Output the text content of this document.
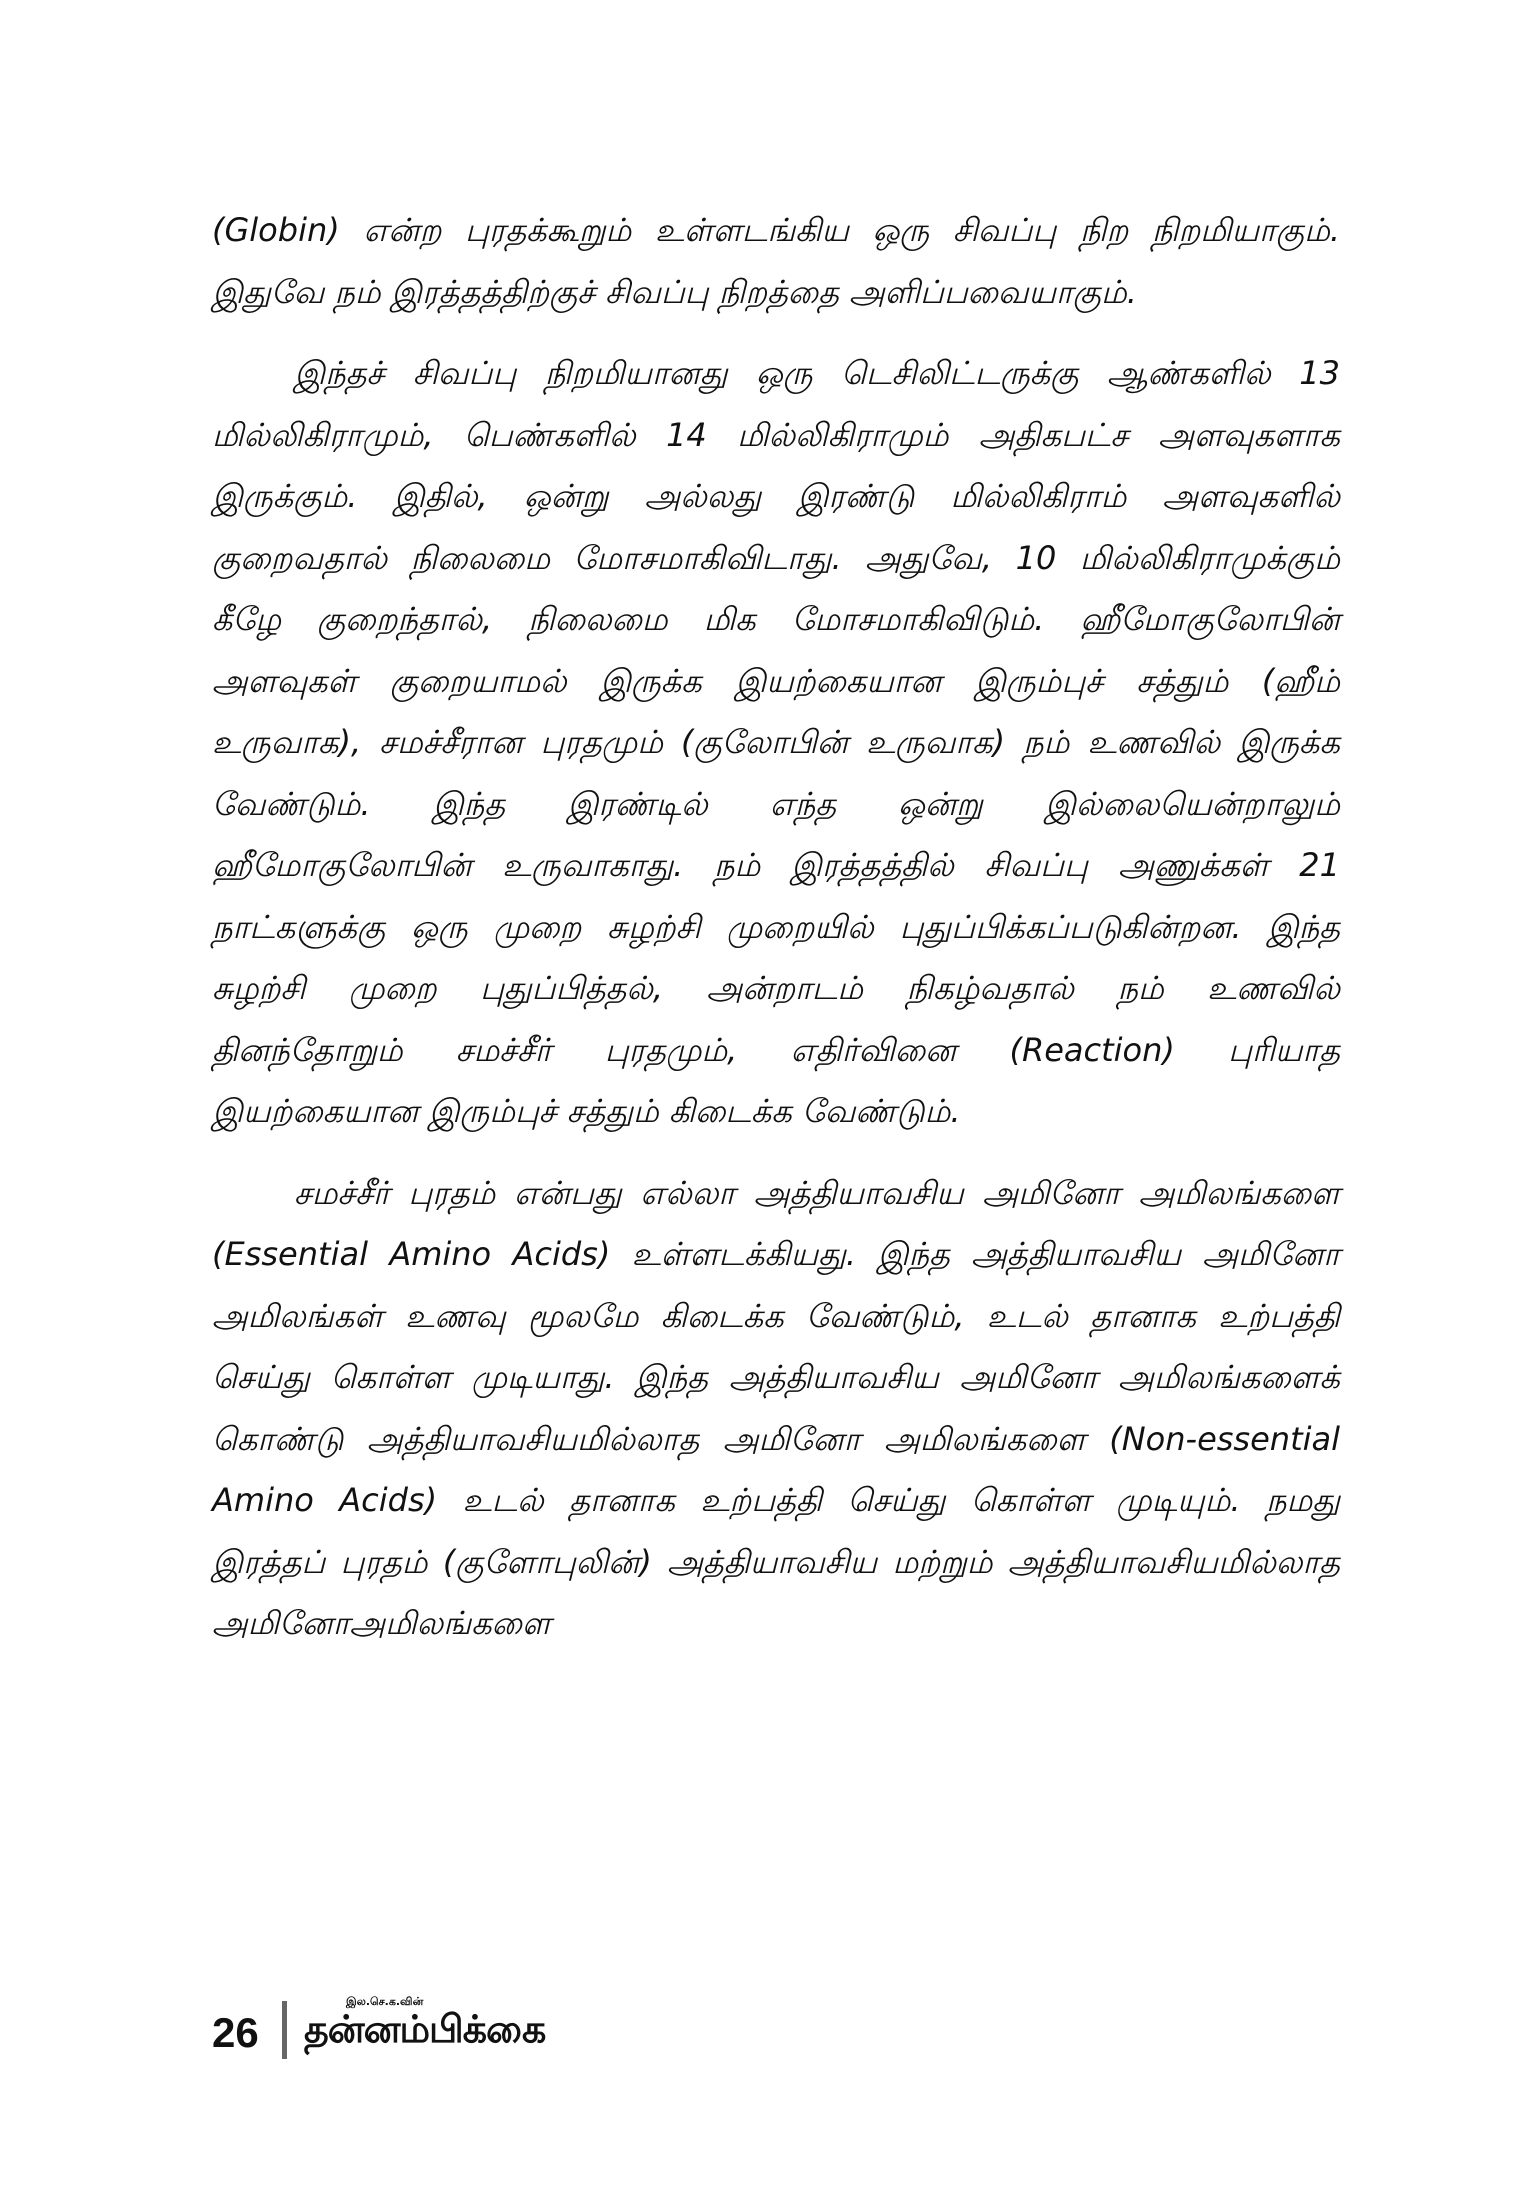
(Globin) என்ற புரதக்கூறும் உள்ளடங்கிய ஒரு சிவப்பு நிற நிறமியாகும். இதுவே நம் இரத்தத்திற்குச் சிவப்பு நிறத்தை அளிப்பவையாகும்.

இந்தச் சிவப்பு நிறமியானது ஒரு டெசிலிட்டருக்கு ஆண்களில் 13 மில்லிகிராமும், பெண்களில் 14 மில்லிகிராமும் அதிகபட்ச அளவுகளாக இருக்கும். இதில், ஒன்று அல்லது இரண்டு மில்லிகிராம் அளவுகளில் குறைவதால் நிலைமை மோசமாகிவிடாது. அதுவே, 10 மில்லிகிராமுக்கும் கீழே குறைந்தால், நிலைமை மிக மோசமாகிவிடும். ஹீமோகுலோபின் அளவுகள் குறையாமல் இருக்க இயற்கையான இரும்புச் சத்தும் (ஹீம் உருவாக), சமச்சீரான புரதமும் (குலோபின் உருவாக) நம் உணவில் இருக்க வேண்டும். இந்த இரண்டில் எந்த ஒன்று இல்லையென்றாலும் ஹீமோகுலோபின் உருவாகாது. நம் இரத்தத்தில் சிவப்பு அணுக்கள் 21 நாட்களுக்கு ஒரு முறை சுழற்சி முறையில் புதுப்பிக்கப்படுகின்றன. இந்த சுழற்சி முறை புதுப்பித்தல், அன்றாடம் நிகழ்வதால் நம் உணவில் தினந்தோறும் சமச்சீர் புரதமும், எதிர்வினை (Reaction) புரியாத இயற்கையான இரும்புச் சத்தும் கிடைக்க வேண்டும்.

சமச்சீர் புரதம் என்பது எல்லா அத்தியாவசிய அமினோ அமிலங்களை (Essential Amino Acids) உள்ளடக்கியது. இந்த அத்தியாவசிய அமினோ அமிலங்கள் உணவு மூலமே கிடைக்க வேண்டும், உடல் தானாக உற்பத்தி செய்து கொள்ள முடியாது. இந்த அத்தியாவசிய அமினோ அமிலங்களைக் கொண்டு அத்தியாவசியமில்லாத அமினோ அமிலங்களை (Non-essential Amino Acids) உடல் தானாக உற்பத்தி செய்து கொள்ள முடியும். நமது இரத்தப் புரதம் (குளோபுலின்) அத்தியாவசிய மற்றும் அத்தியாவசியமில்லாத அமினோஅமிலங்களை

26
இல.செ.க.வின்
தன்னம்பிக்கை
